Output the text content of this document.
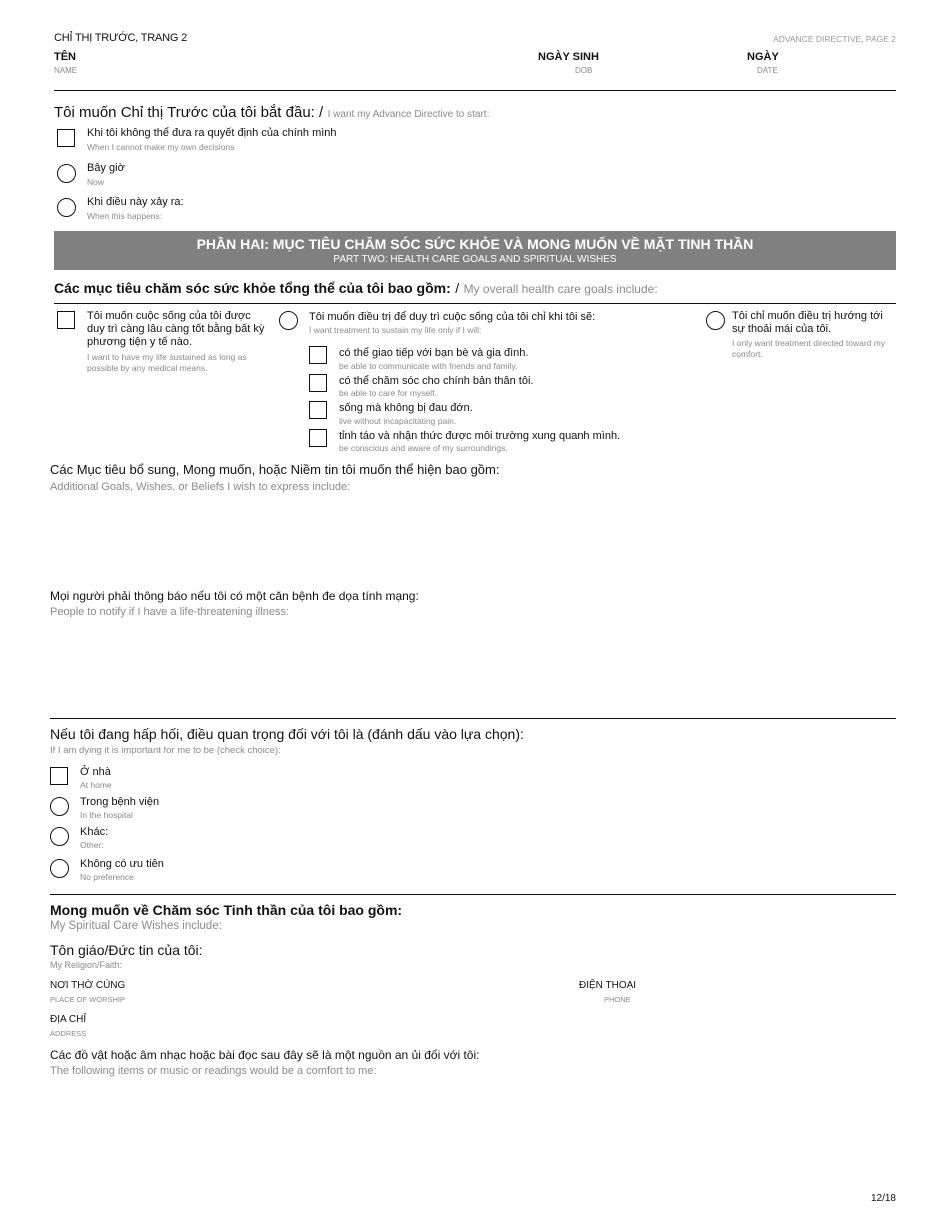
CHỈ THỊ TRƯỚC, TRANG 2	ADVANCE DIRECTIVE, PAGE 2
TÊN
NAME
NGÀY SINH
DOB
NGÀY
DATE
Tôi muốn Chỉ thị Trước của tôi bắt đầu: / I want my Advance Directive to start:
Khi tôi không thể đưa ra quyết định của chính mình
When I cannot make my own decisions
Bây giờ
Now
Khi điều này xảy ra:
When this happens:
PHẦN HAI: MỤC TIÊU CHĂM SÓC SỨC KHỎE VÀ MONG MUỐN VỀ MẶT TINH THẦN
PART TWO: HEALTH CARE GOALS AND SPIRITUAL WISHES
Các mục tiêu chăm sóc sức khỏe tổng thể của tôi bao gồm: / My overall health care goals include:
Tôi muốn cuộc sống của tôi được duy trì càng lâu càng tốt bằng bất kỳ phương tiện y tế nào.
I want to have my life sustained as long as possible by any medical means.
Tôi muốn điều trị để duy trì cuộc sống của tôi chỉ khi tôi sẽ:
I want treatment to sustain my life only if I will:
có thể giao tiếp với bạn bè và gia đình.
be able to communicate with friends and family.
có thể chăm sóc cho chính bản thân tôi.
be able to care for myself.
sống mà không bị đau đớn.
live without incapacitating pain.
tỉnh táo và nhận thức được môi trường xung quanh mình.
be conscious and aware of my surroundings.
Tôi chỉ muốn điều trị hướng tới sự thoải mái của tôi.
I only want treatment directed toward my comfort.
Các Mục tiêu bổ sung, Mong muốn, hoặc Niềm tin tôi muốn thể hiện bao gồm:
Additional Goals, Wishes, or Beliefs I wish to express include:
Mọi người phải thông báo nếu tôi có một căn bệnh đe dọa tính mạng:
People to notify if I have a life-threatening illness:
Nếu tôi đang hấp hối, điều quan trọng đối với tôi là (đánh dấu vào lựa chọn):
If I am dying it is important for me to be (check choice):
Ở nhà
At home
Trong bệnh viện
In the hospital
Khác:
Other:
Không có ưu tiên
No preference
Mong muốn về Chăm sóc Tinh thần của tôi bao gồm:
My Spiritual Care Wishes include:
Tôn giáo/Đức tin của tôi:
My Religion/Faith:
NƠI THỜ CÚNG
PLACE OF WORSHIP
ĐIỆN THOẠI
PHONE
ĐỊA CHỈ
ADDRESS
Các đồ vật hoặc âm nhạc hoặc bài đọc sau đây sẽ là một nguồn an ủi đối với tôi:
The following items or music or readings would be a comfort to me:
12/18
